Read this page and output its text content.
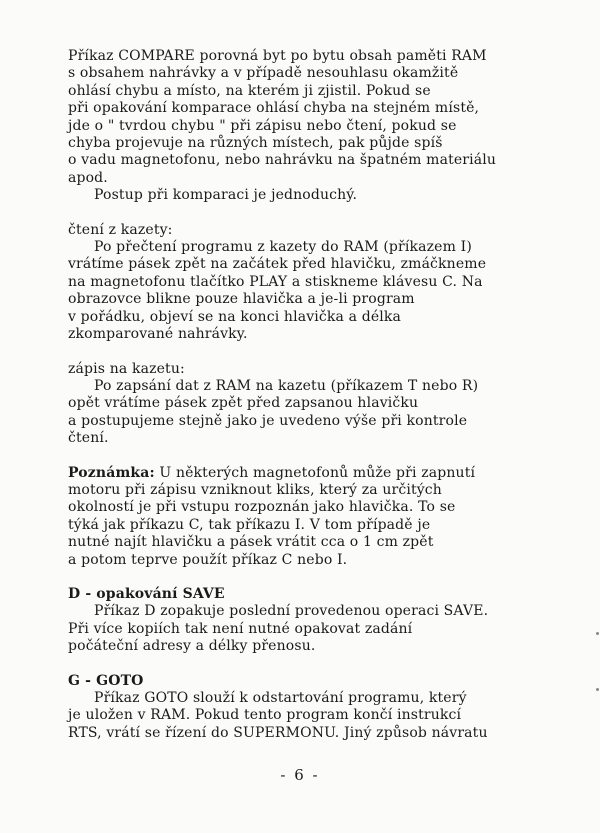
Příkaz COMPARE porovná byt po bytu obsah paměti RAM
s obsahem nahrávky a v případě nesouhlasu okamžitě
ohlásí chybu a místo, na kterém ji zjistil. Pokud se
při opakování komparace ohlásí chyba na stejném místě,
jde o " tvrdou chybu " při zápisu nebo čtení, pokud se
chyba projevuje na různých místech, pak půjde spíš
o vadu magnetofonu, nebo nahrávku na špatném materiálu
apod.
Postup při komparaci je jednoduchý.
čtení z kazety:
Po přečtení programu z kazety do RAM (příkazem I)
vrátíme pásek zpět na začátek před hlavičku, zmáčkneme
na magnetofonu tlačítko PLAY a stiskneme klávesu C. Na
obrazovce blikne pouze hlavička a je-li program
v pořádku, objeví se na konci hlavička a délka
zkomparované nahrávky.
zápis na kazetu:
Po zapsání dat z RAM na kazetu (příkazem T nebo R)
opět vrátíme pásek zpět před zapsanou hlavičku
a postupujeme stejně jako je uvedeno výše při kontrole
čtení.
Poznámka: U některých magnetofonů může při zapnutí
motoru při zápisu vzniknout kliks, který za určitých
okolností je při vstupu rozpoznán jako hlavička. To se
týká jak příkazu C, tak příkazu I. V tom případě je
nutné najít hlavičku a pásek vrátit cca o 1 cm zpět
a potom teprve použít příkaz C nebo I.
D - opakování SAVE
Příkaz D zopakuje poslední provedenou operaci SAVE.
Při více kopiích tak není nutné opakovat zadání
počáteční adresy a délky přenosu.
G - GOTO
Příkaz GOTO slouží k odstartování programu, který
je uložen v RAM. Pokud tento program končí instrukcí
RTS, vrátí se řízení do SUPERMONU. Jiný způsob návratu
- 6 -
